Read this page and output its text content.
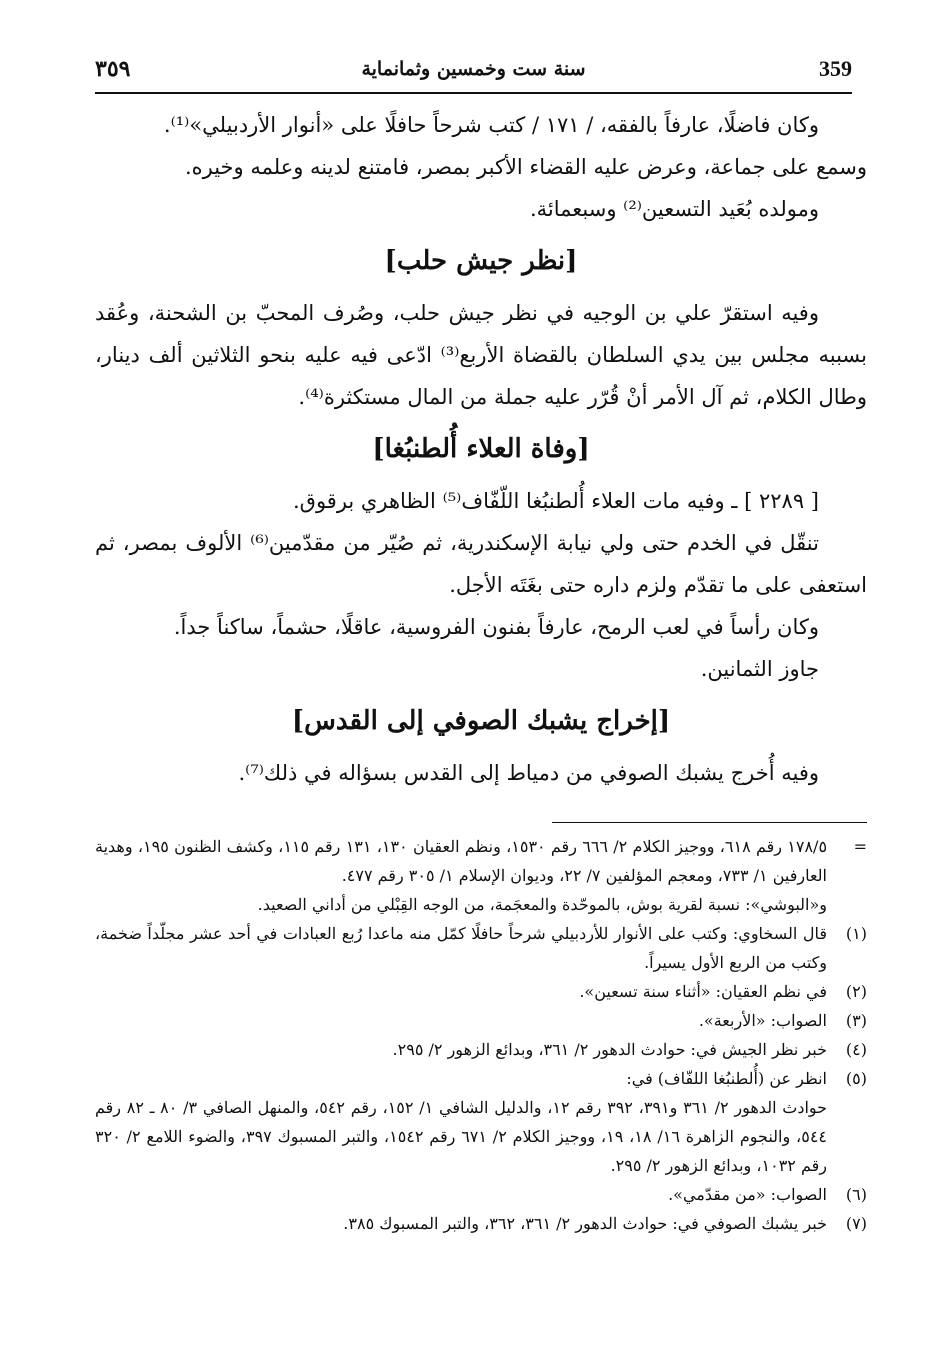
359
سنة ست وخمسين وثمانماية
٣٥٩

وكان فاضلًا، عارفاً بالفقه، / ١٧١ / كتب شرحاً حافلًا على «أنوار الأردبيلي»⁽¹⁾.

وسمع على جماعة، وعرض عليه القضاء الأكبر بمصر، فامتنع لدينه وعلمه وخيره.

ومولده بُعَيد التسعين⁽²⁾ وسبعمائة.

[نظر جيش حلب]

وفيه استقرّ علي بن الوجيه في نظر جيش حلب، وصُرف المحبّ بن الشحنة، وعُقد بسببه مجلس بين يدي السلطان بالقضاة الأربع⁽³⁾ ادّعى فيه عليه بنحو الثلاثين ألف دينار، وطال الكلام، ثم آل الأمر أنْ قُرّر عليه جملة من المال مستكثرة⁽⁴⁾.

[وفاة العلاء أُلطنبُغا]

[ ٢٢٨٩ ] ـ وفيه مات العلاء أُلطنبُغا اللّفّاف⁽⁵⁾ الظاهري برقوق.

تنقّل في الخدم حتى ولي نيابة الإسكندرية، ثم صُيّر من مقدّمين⁽⁶⁾ الألوف بمصر، ثم استعفى على ما تقدّم ولزم داره حتى بغَتَه الأجل.

وكان رأساً في لعب الرمح، عارفاً بفنون الفروسية، عاقلًا، حشماً، ساكناً جداً.

جاوز الثمانين.

[إخراج يشبك الصوفي إلى القدس]

وفيه أُخرج يشبك الصوفي من دمياط إلى القدس بسؤاله في ذلك⁽⁷⁾.

=
١٧٨/٥ رقم ٦١٨، ووجيز الكلام ٢/ ٦٦٦ رقم ١٥٣٠، ونظم العقيان ١٣٠، ١٣١ رقم ١١٥، وكشف الظنون ١٩٥، وهدية العارفين ١/ ٧٣٣، ومعجم المؤلفين ٧/ ٢٢، وديوان الإسلام ١/ ٣٠٥ رقم ٤٧٧.

و«البوشي»: نسبة لقرية بوش، بالموحّدة والمعجَمة، من الوجه القِبْلي من أداني الصعيد.

(١)
قال السخاوي: وكتب على الأنوار للأردبيلي شرحاً حافلًا كمّل منه ماعدا رُبع العبادات في أحد عشر مجلّداً ضخمة، وكتب من الربع الأول يسيراً.

(٢)
في نظم العقيان: «أثناء سنة تسعين».

(٣)
الصواب: «الأربعة».

(٤)
خبر نظر الجيش في: حوادث الدهور ٢/ ٣٦١، وبدائع الزهور ٢/ ٢٩٥.

(٥)
انظر عن (أُلطنبُغا اللفّاف) في:

حوادث الدهور ٢/ ٣٦١ و٣٩١، ٣٩٢ رقم ١٢، والدليل الشافي ١/ ١٥٢، رقم ٥٤٢، والمنهل الصافي ٣/ ٨٠ ـ ٨٢ رقم ٥٤٤، والنجوم الزاهرة ١٦/ ١٨، ١٩، ووجيز الكلام ٢/ ٦٧١ رقم ١٥٤٢، والتبر المسبوك ٣٩٧، والضوء اللامع ٢/ ٣٢٠ رقم ١٠٣٢، وبدائع الزهور ٢/ ٢٩٥.

(٦)
الصواب: «من مقدّمي».

(٧)
خبر يشبك الصوفي في: حوادث الدهور ٢/ ٣٦١، ٣٦٢، والتبر المسبوك ٣٨٥.
